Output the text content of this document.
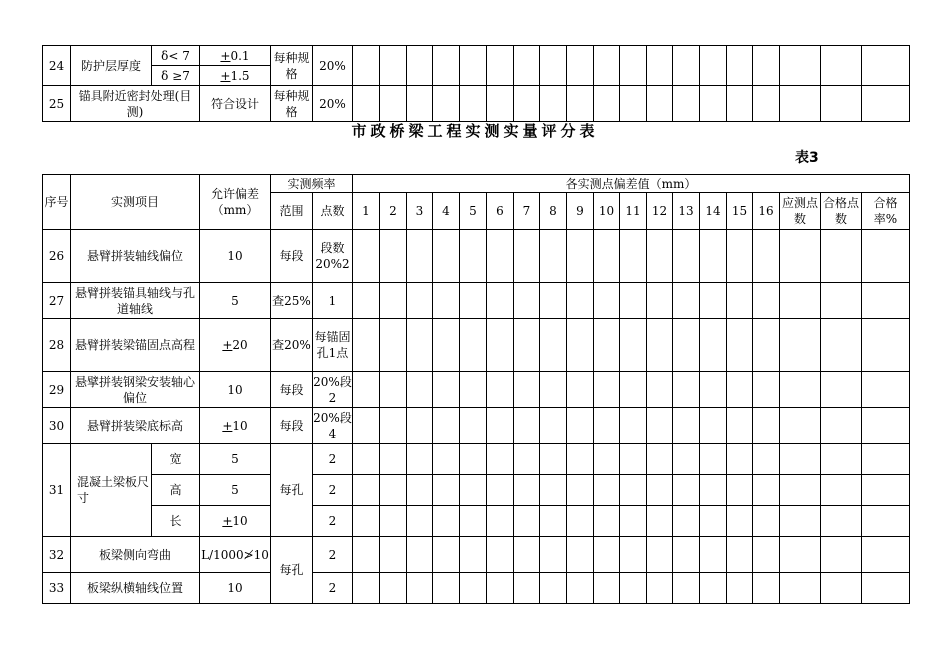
24	防护层厚度	δ< 7	+0.1	每种规格	20%																			
		δ ≥7	+1.5																					
25	锚具附近密封处理(目测)		符合设计	每种规格	20%																			
市政桥梁工程实测实量评分表
表3
序号	实测项目		允许偏差（mm）	实测频率		各实测点偏差值（mm）																		
				范围	点数	1	2	3	4	5	6	7	8	9	10	11	12	13	14	15	16	应测点数	合格点数	合格率%
26	悬臂拼装轴线偏位		10	每段	段数20%2																			
27	悬臂拼装锚具轴线与孔道轴线		5	查25%	1																			
28	悬臂拼装梁锚固点高程		+20	查20%	每锚固孔1点																			
29	悬擘拼装钢梁安装轴心偏位		10	每段	20%段2																			
30	悬臂拼装梁底标高		+10	每段	20%段4																			
31	混凝土梁板尺寸	宽	5	每孔	2																			
		高	5		2																			
		长	+10		2																			
32	板梁侧向弯曲		L/1000≯10	每孔	2																			
33	板梁纵横轴线位置		10		2																			
